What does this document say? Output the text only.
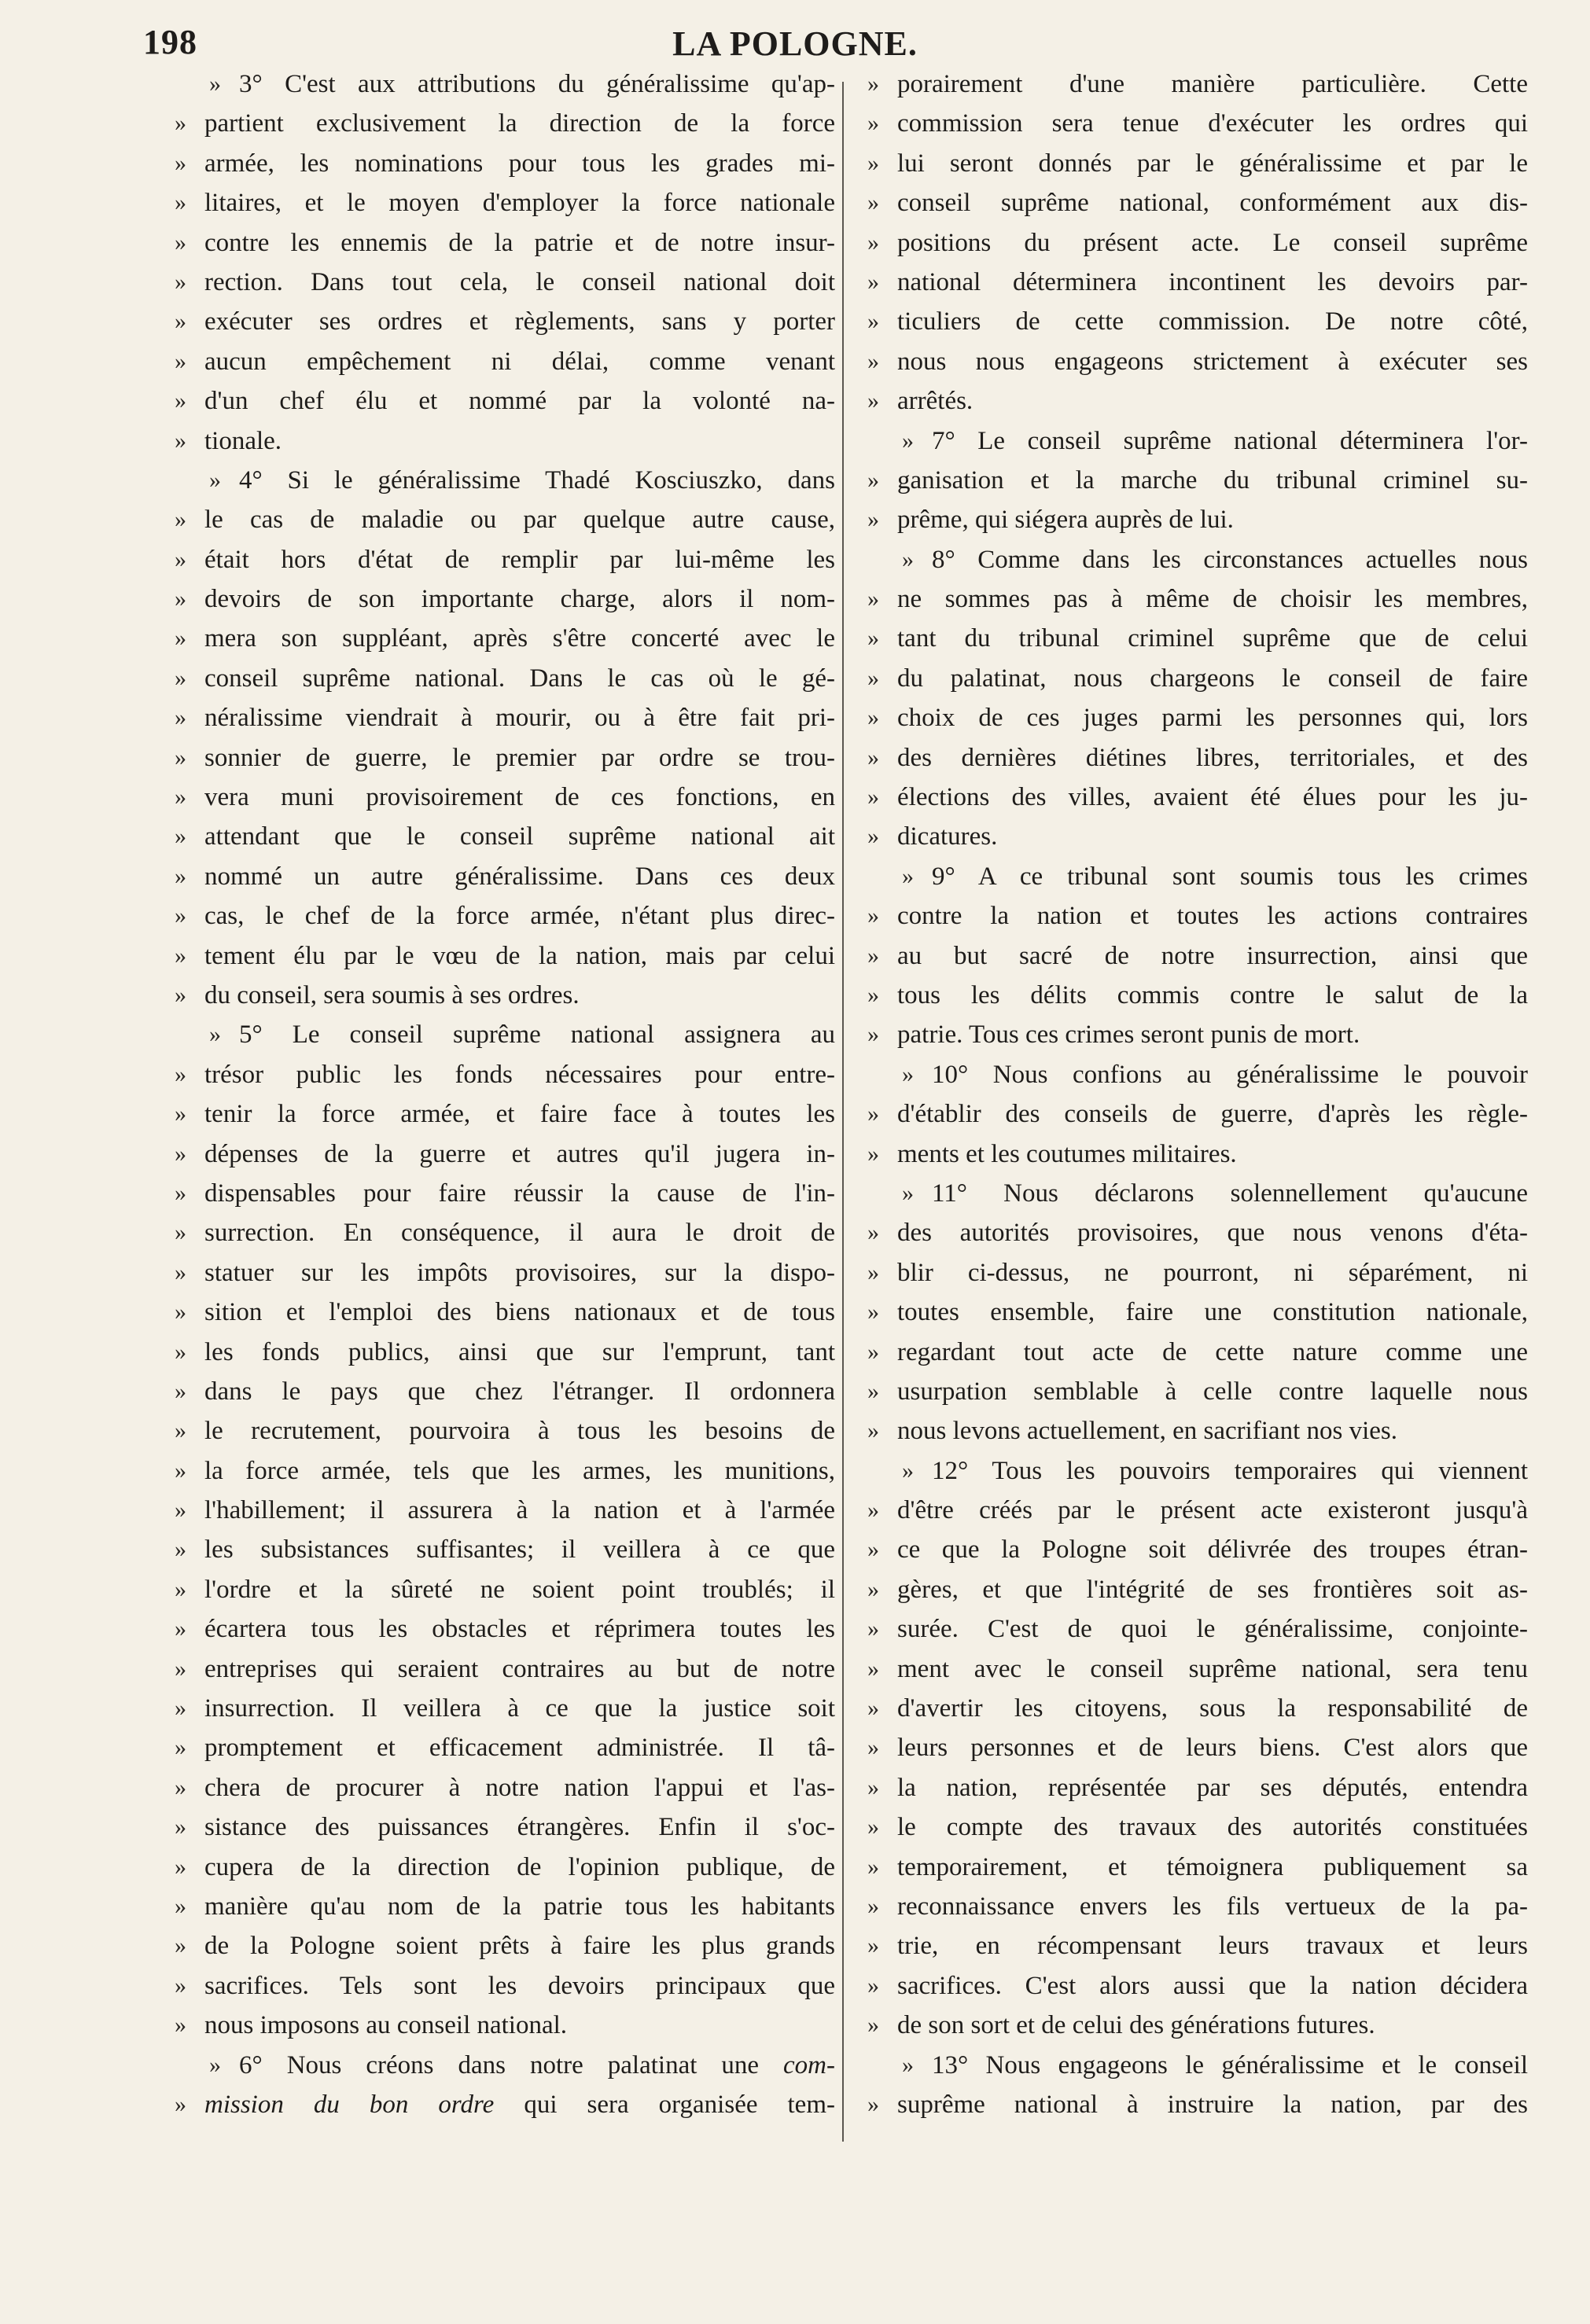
198	LA POLOGNE.
» 3° C'est aux attributions du généralissime qu'ap-
» partient exclusivement la direction de la force
» armée, les nominations pour tous les grades mi-
» litaires, et le moyen d'employer la force nationale
» contre les ennemis de la patrie et de notre insur-
» rection. Dans tout cela, le conseil national doit
» exécuter ses ordres et règlements, sans y porter
» aucun empêchement ni délai, comme venant
» d'un chef élu et nommé par la volonté na-
» tionale.
» 4° Si le généralissime Thadé Kosciuszko, dans
» le cas de maladie ou par quelque autre cause,
» était hors d'état de remplir par lui-même les
» devoirs de son importante charge, alors il nom-
» mera son suppléant, après s'être concerté avec le
» conseil suprême national. Dans le cas où le gé-
» néralissime viendrait à mourir, ou à être fait pri-
» sonnier de guerre, le premier par ordre se trou-
» vera muni provisoirement de ces fonctions, en
» attendant que le conseil suprême national ait
» nommé un autre généralissime. Dans ces deux
» cas, le chef de la force armée, n'étant plus direc-
» tement élu par le vœu de la nation, mais par celui
» du conseil, sera soumis à ses ordres.
» 5° Le conseil suprême national assignera au
» trésor public les fonds nécessaires pour entre-
» tenir la force armée, et faire face à toutes les
» dépenses de la guerre et autres qu'il jugera in-
» dispensables pour faire réussir la cause de l'in-
» surrection. En conséquence, il aura le droit de
» statuer sur les impôts provisoires, sur la dispo-
» sition et l'emploi des biens nationaux et de tous
» les fonds publics, ainsi que sur l'emprunt, tant
» dans le pays que chez l'étranger. Il ordonnera
» le recrutement, pourvoira à tous les besoins de
» la force armée, tels que les armes, les munitions,
» l'habillement; il assurera à la nation et à l'armée
» les subsistances suffisantes; il veillera à ce que
» l'ordre et la sûreté ne soient point troublés; il
» écartera tous les obstacles et réprimera toutes les
» entreprises qui seraient contraires au but de notre
» insurrection. Il veillera à ce que la justice soit
» promptement et efficacement administrée. Il tâ-
» chera de procurer à notre nation l'appui et l'as-
» sistance des puissances étrangères. Enfin il s'oc-
» cupera de la direction de l'opinion publique, de
» manière qu'au nom de la patrie tous les habitants
» de la Pologne soient prêts à faire les plus grands
» sacrifices. Tels sont les devoirs principaux que
» nous imposons au conseil national.
» 6° Nous créons dans notre palatinat une com-
» mission du bon ordre qui sera organisée tem-
» porairement d'une manière particulière. Cette
» commission sera tenue d'exécuter les ordres qui
» lui seront donnés par le généralissime et par le
» conseil suprême national, conformément aux dis-
» positions du présent acte. Le conseil suprême
» national déterminera incontinent les devoirs par-
» ticuliers de cette commission. De notre côté,
» nous nous engageons strictement à exécuter ses
» arrêtés.
» 7° Le conseil suprême national déterminera l'or-
» ganisation et la marche du tribunal criminel su-
» prême, qui siégera auprès de lui.
» 8° Comme dans les circonstances actuelles nous
» ne sommes pas à même de choisir les membres,
» tant du tribunal criminel suprême que de celui
» du palatinat, nous chargeons le conseil de faire
» choix de ces juges parmi les personnes qui, lors
» des dernières diétines libres, territoriales, et des
» élections des villes, avaient été élues pour les ju-
» dicatures.
» 9° A ce tribunal sont soumis tous les crimes
» contre la nation et toutes les actions contraires
» au but sacré de notre insurrection, ainsi que
» tous les délits commis contre le salut de la
» patrie. Tous ces crimes seront punis de mort.
» 10° Nous confions au généralissime le pouvoir
» d'établir des conseils de guerre, d'après les règle-
» ments et les coutumes militaires.
» 11° Nous déclarons solennellement qu'aucune
» des autorités provisoires, que nous venons d'éta-
» blir ci-dessus, ne pourront, ni séparément, ni
» toutes ensemble, faire une constitution nationale,
» regardant tout acte de cette nature comme une
» usurpation semblable à celle contre laquelle nous
» nous levons actuellement, en sacrifiant nos vies.
» 12° Tous les pouvoirs temporaires qui viennent
» d'être créés par le présent acte existeront jusqu'à
» ce que la Pologne soit délivrée des troupes étran-
» gères, et que l'intégrité de ses frontières soit as-
» surée. C'est de quoi le généralissime, conjointe-
» ment avec le conseil suprême national, sera tenu
» d'avertir les citoyens, sous la responsabilité de
» leurs personnes et de leurs biens. C'est alors que
» la nation, représentée par ses députés, entendra
» le compte des travaux des autorités constituées
» temporairement, et témoignera publiquement sa
» reconnaissance envers les fils vertueux de la pa-
» trie, en récompensant leurs travaux et leurs
» sacrifices. C'est alors aussi que la nation décidera
» de son sort et de celui des générations futures.
» 13° Nous engageons le généralissime et le conseil
» suprême national à instruire la nation, par des
